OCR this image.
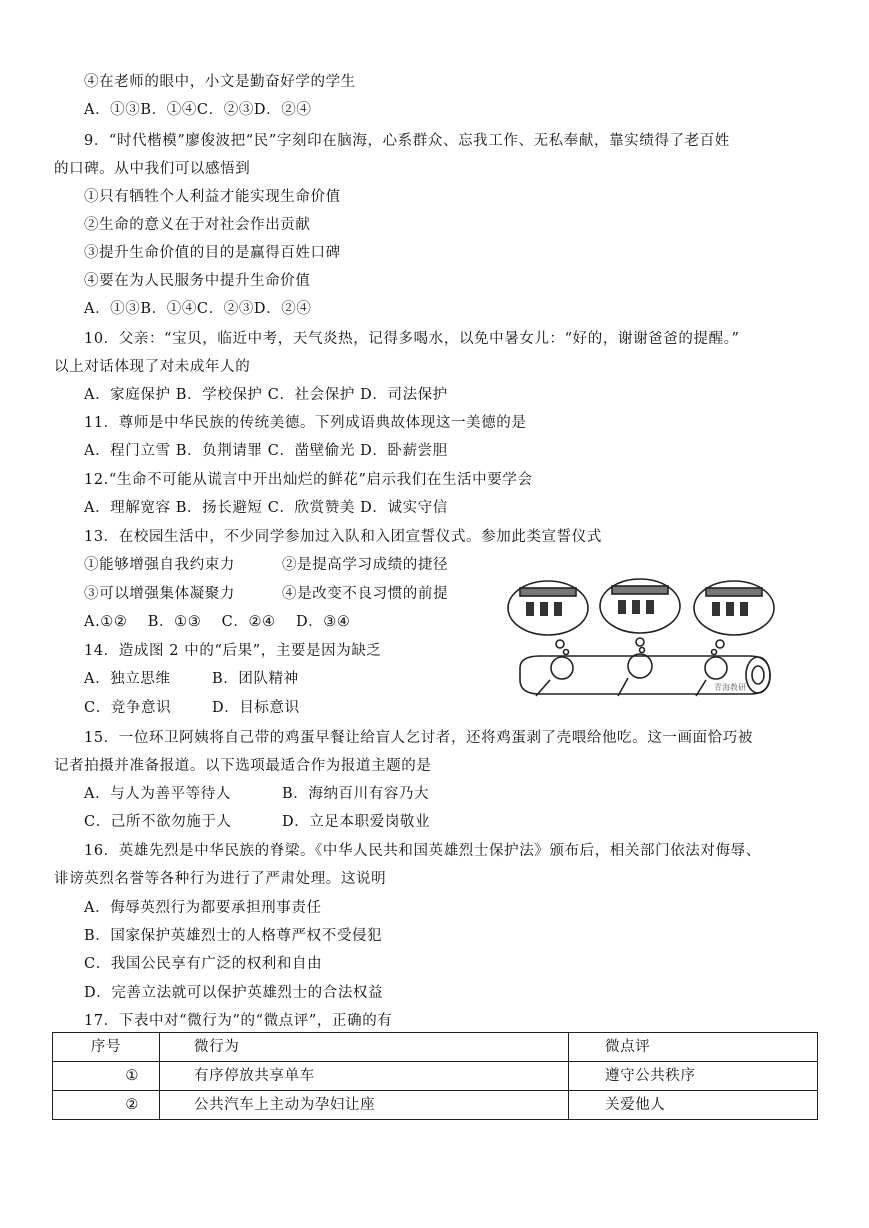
④在老师的眼中，小文是勤奋好学的学生
A．①③B．①④C．②③D．②④
9．“时代楷模”廖俊波把“民”字刻印在脑海，心系群众、忘我工作、无私奉献，靠实绩得了老百姓
的口碑。从中我们可以感悟到
①只有牺牲个人利益才能实现生命价值
②生命的意义在于对社会作出贡献
③提升生命价值的目的是赢得百姓口碑
④要在为人民服务中提升生命价值
A．①③B．①④C．②③D．②④
10．父亲：“宝贝，临近中考，天气炎热，记得多喝水，以免中暑女儿：“好的，谢谢爸爸的提醒。”
以上对话体现了对未成年人的
A．家庭保护 B．学校保护 C．社会保护 D．司法保护
11．尊师是中华民族的传统美德。下列成语典故体现这一美德的是
A．程门立雪 B．负荆请罪 C．凿壁偷光 D．卧薪尝胆
12.“生命不可能从谎言中开出灿烂的鲜花”启示我们在生活中要学会
A．理解宽容 B．扬长避短 C．欣赏赞美 D．诚实守信
13．在校园生活中，不少同学参加过入队和入团宣誓仪式。参加此类宣誓仪式
①能够增强自我约束力	②是提高学习成绩的捷径
③可以增强集体凝聚力	④是改变不良习惯的前提
A.①②　 B．①③　 C．②④　 D．③④
14．造成图 2 中的“后果”，主要是因为缺乏
A．独立思维	B．团队精神
C．竞争意识	D．目标意识
青海教研
15．一位环卫阿姨将自己带的鸡蛋早餐让给盲人乞讨者，还将鸡蛋剥了壳喂给他吃。这一画面恰巧被
记者拍摄并准备报道。以下选项最适合作为报道主题的是
A．与人为善平等待人	B．海纳百川有容乃大
C．己所不欲勿施于人	D．立足本职爱岗敬业
16．英雄先烈是中华民族的脊梁。《中华人民共和国英雄烈士保护法》颁布后，相关部门依法对侮辱、
诽谤英烈名誉等各种行为进行了严肃处理。这说明
A．侮辱英烈行为都要承担刑事责任
B．国家保护英雄烈士的人格尊严权不受侵犯
C．我国公民享有广泛的权利和自由
D．完善立法就可以保护英雄烈士的合法权益
17．下表中对“微行为”的“微点评”，正确的有
序号	微行为	微点评
①	有序停放共享单车	遵守公共秩序
②	公共汽车上主动为孕妇让座	关爱他人
